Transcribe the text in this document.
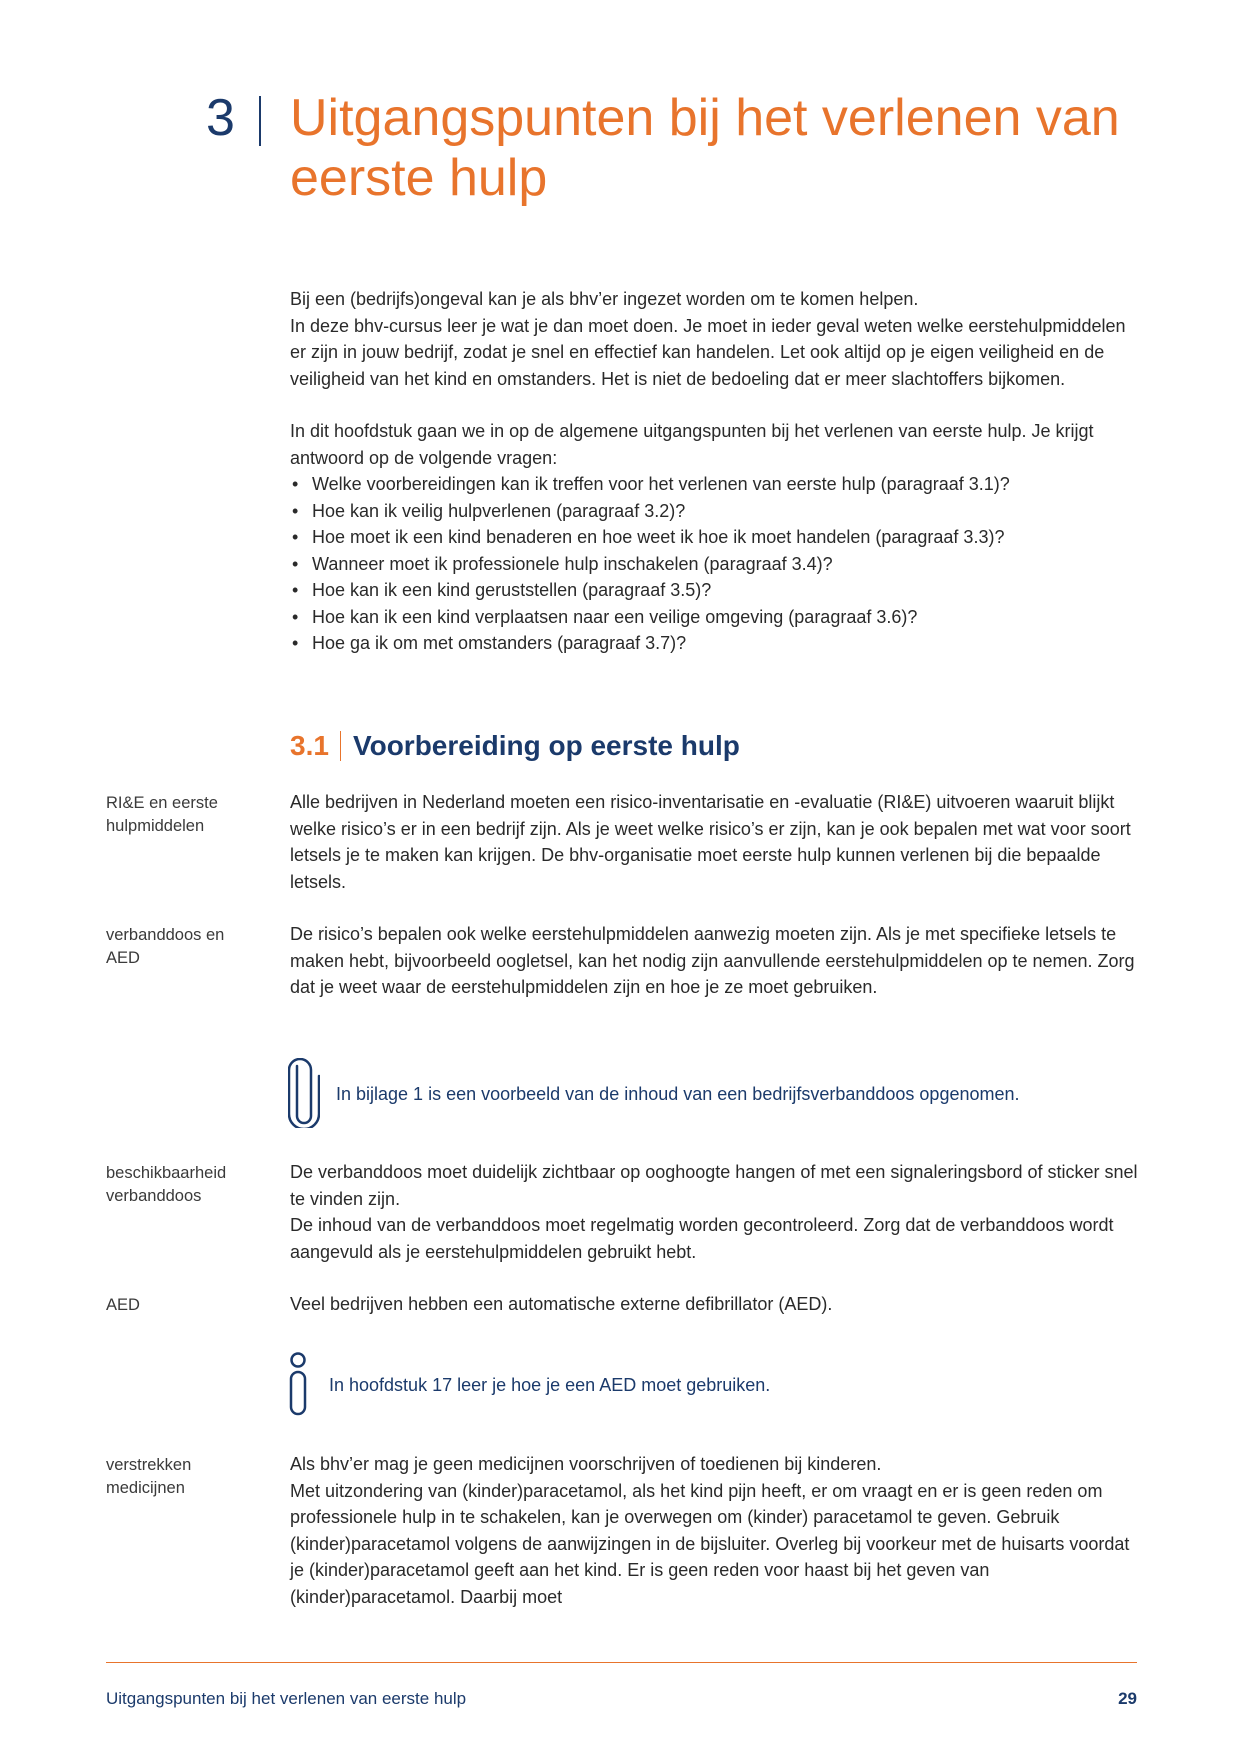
3 Uitgangspunten bij het verlenen van eerste hulp

Bij een (bedrijfs)ongeval kan je als bhv’er ingezet worden om te komen helpen.
In deze bhv-cursus leer je wat je dan moet doen. Je moet in ieder geval weten welke eerstehulpmiddelen er zijn in jouw bedrijf, zodat je snel en effectief kan handelen. Let ook altijd op je eigen veiligheid en de veiligheid van het kind en omstanders. Het is niet de bedoeling dat er meer slachtoffers bijkomen.

In dit hoofdstuk gaan we in op de algemene uitgangspunten bij het verlenen van eerste hulp. Je krijgt antwoord op de volgende vragen:

• Welke voorbereidingen kan ik treffen voor het verlenen van eerste hulp (paragraaf 3.1)?
• Hoe kan ik veilig hulpverlenen (paragraaf 3.2)?
• Hoe moet ik een kind benaderen en hoe weet ik hoe ik moet handelen (paragraaf 3.3)?
• Wanneer moet ik professionele hulp inschakelen (paragraaf 3.4)?
• Hoe kan ik een kind geruststellen (paragraaf 3.5)?
• Hoe kan ik een kind verplaatsen naar een veilige omgeving (paragraaf 3.6)?
• Hoe ga ik om met omstanders (paragraaf 3.7)?
3.1 Voorbereiding op eerste hulp
RI&E en eerste
hulpmiddelen
Alle bedrijven in Nederland moeten een risico-inventarisatie en -evaluatie (RI&E) uitvoeren waaruit blijkt welke risico’s er in een bedrijf zijn. Als je weet welke risico’s er zijn, kan je ook bepalen met wat voor soort letsels je te maken kan krijgen. De bhv-organisatie moet eerste hulp kunnen verlenen bij die bepaalde letsels.
verbanddoos en
AED
De risico’s bepalen ook welke eerstehulpmiddelen aanwezig moeten zijn. Als je met specifieke letsels te maken hebt, bijvoorbeeld oogletsel, kan het nodig zijn aanvullende eerstehulpmiddelen op te nemen. Zorg dat je weet waar de eerstehulpmiddelen zijn en hoe je ze moet gebruiken.
In bijlage 1 is een voorbeeld van de inhoud van een bedrijfsverbanddoos opgenomen.
beschikbaarheid
verbanddoos
De verbanddoos moet duidelijk zichtbaar op ooghoogte hangen of met een signaleringsbord of sticker snel te vinden zijn.
De inhoud van de verbanddoos moet regelmatig worden gecontroleerd. Zorg dat de verbanddoos wordt aangevuld als je eerstehulpmiddelen gebruikt hebt.
AED	Veel bedrijven hebben een automatische externe defibrillator (AED).
In hoofdstuk 17 leer je hoe je een AED moet gebruiken.
verstrekken
medicijnen
Als bhv’er mag je geen medicijnen voorschrijven of toedienen bij kinderen.
Met uitzondering van (kinder)paracetamol, als het kind pijn heeft, er om vraagt en er is geen reden om professionele hulp in te schakelen, kan je overwegen om (kinder) paracetamol te geven. Gebruik (kinder)paracetamol volgens de aanwijzingen in de bijsluiter. Overleg bij voorkeur met de huisarts voordat je (kinder)paracetamol geeft aan het kind. Er is geen reden voor haast bij het geven van (kinder)paracetamol. Daarbij moet
Uitgangspunten bij het verlenen van eerste hulp	29
